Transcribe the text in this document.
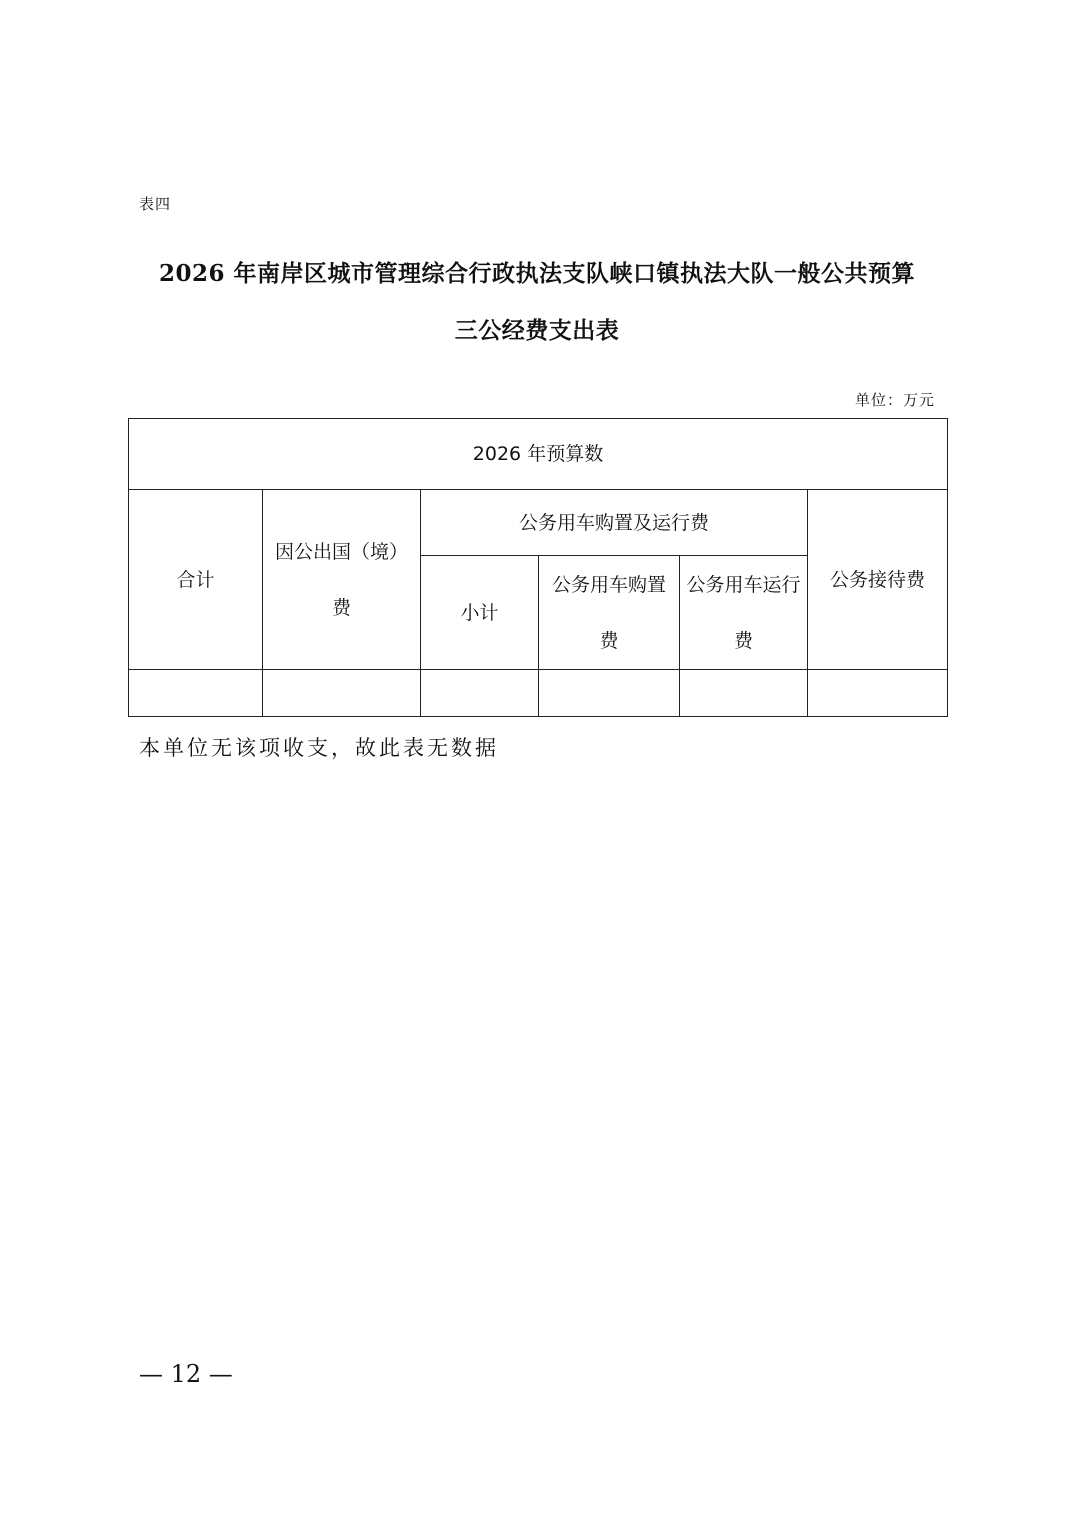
表四
2026 年南岸区城市管理综合行政执法支队峡口镇执法大队一般公共预算
三公经费支出表
单位：万元
2026 年预算数					
合计	因公出国（境）费	公务用车购置及运行费			公务接待费
		小计	公务用车购置费	公务用车运行费	

本单位无该项收支，故此表无数据
— 12 —
